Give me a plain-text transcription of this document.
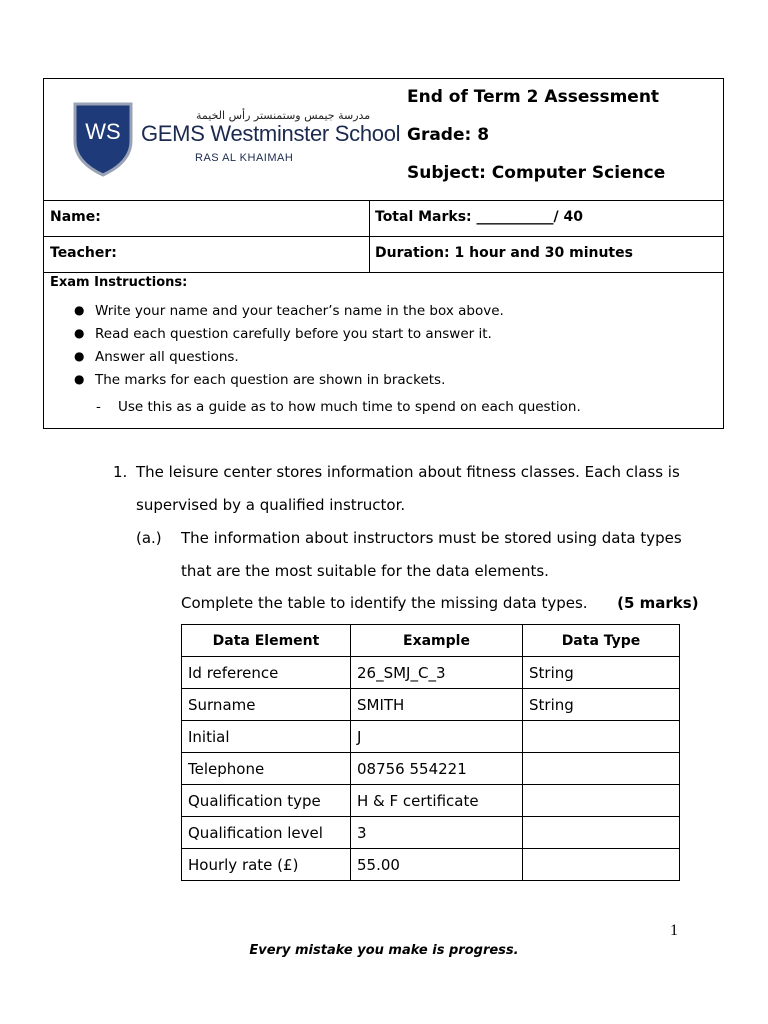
WS
مدرسة جيمس وستمنستر رأس الخيمة
GEMS Westminster School
RAS AL KHAIMAH
End of Term 2 Assessment
Grade: 8
Subject: Computer Science
Name:	Total Marks: ___________/ 40
Teacher:	Duration: 1 hour and 30 minutes
Exam Instructions:
● Write your name and your teacher’s name in the box above.
● Read each question carefully before you start to answer it.
● Answer all questions.
● The marks for each question are shown in brackets.
- Use this as a guide as to how much time to spend on each question.
1. The leisure center stores information about fitness classes. Each class is
supervised by a qualified instructor.
(a.) The information about instructors must be stored using data types
that are the most suitable for the data elements.
Complete the table to identify the missing data types. (5 marks)
Data Element	Example	Data Type
Id reference	26_SMJ_C_3	String
Surname	SMITH	String
Initial	J	
Telephone	08756 554221	
Qualification type	H & F certificate	
Qualification level	3	
Hourly rate (£)	55.00	
1
Every mistake you make is progress.
